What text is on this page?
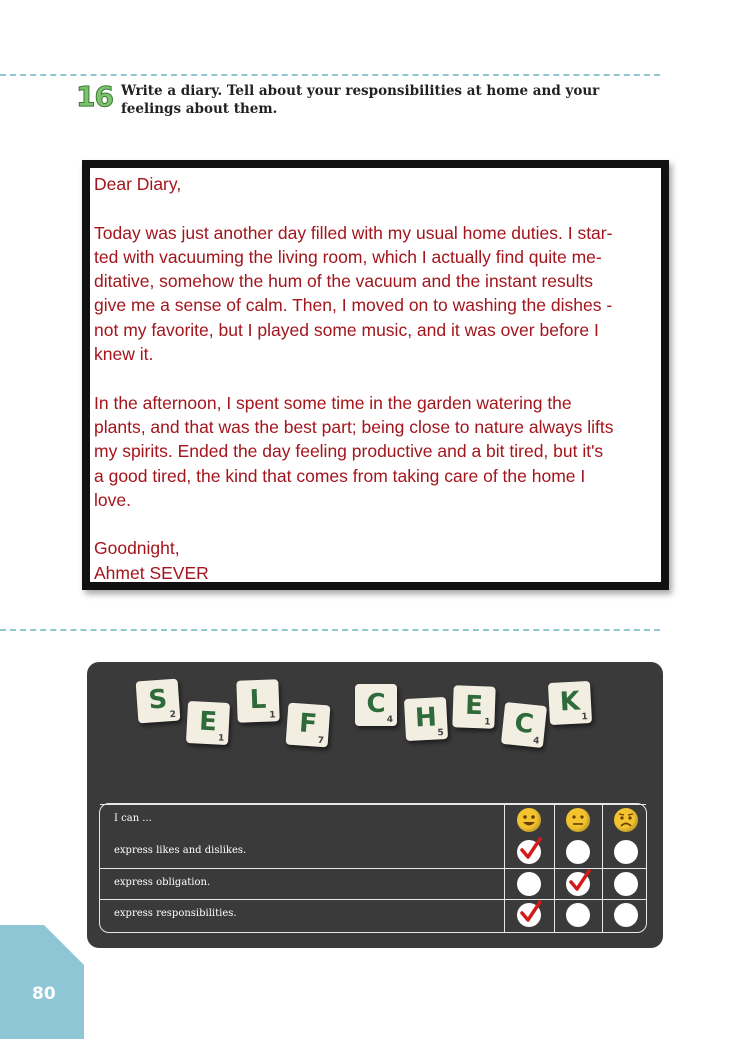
16 Write a diary. Tell about your responsibilities at home and your feelings about them.

Dear Diary,

Today was just another day filled with my usual home duties. I star-

ted with vacuuming the living room, which I actually find quite me-

ditative, somehow the hum of the vacuum and the instant results

give me a sense of calm. Then, I moved on to washing the dishes -

not my favorite, but I played some music, and it was over before I

knew it.

In the afternoon, I spent some time in the garden watering the

plants, and that was the best part; being close to nature always lifts

my spirits. Ended the day feeling productive and a bit tired, but it's

a good tired, the kind that comes from taking care of the home I

love.

Goodnight,

Ahmet SEVER

S 2 E
1
L
1 F
7
C
4 H 5
E
1 C
4
K 1
I can ...
express likes and dislikes.
express obligation.
express responsibilities.
80
